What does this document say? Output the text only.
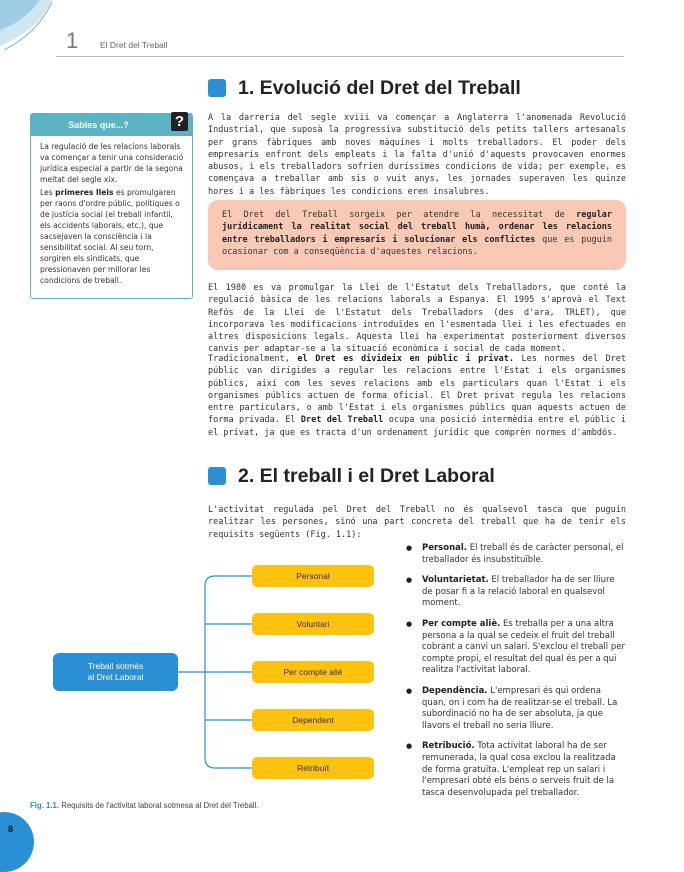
1	El Dret del Treball
1. Evolució del Dret del Treball
A la darreria del segle xviii va començar a Anglaterra l'anomenada Revolució Industrial, que suposà la progressiva substitució dels petits tallers artesanals per grans fàbriques amb noves màquines i molts treballadors. El poder dels empresaris enfront dels empleats i la falta d'unió d'aquests provocaven enormes abusos, i els treballadors sofrien duríssimes condicions de vida; per exemple, es començava a treballar amb sis o vuit anys, les jornades superaven les quinze hores i a les fàbriques les condicions eren insalubres.
Sabies que...?	?

La regulació de les relacions laborals va començar a tenir una consideració jurídica especial a partir de la segona meitat del segle xix.

Les primeres lleis es promulgaren per raons d'ordre públic, polítiques o de justícia social (el treball infantil, els accidents laborals, etc.), que sacsejaven la consciència i la sensibilitat social. Al seu torn, sorgiren els sindicats, que pressionaven per millorar les condicions de treball.

El Dret del Treball sorgeix per atendre la necessitat de regular jurídicament la realitat social del treball humà, ordenar les relacions entre treballadors i empresaris i solucionar els conflictes que es puguin ocasionar com a conseqüència d'aquestes relacions.
El 1980 es va promulgar la Llei de l'Estatut dels Treballadors, que conté la regulació bàsica de les relacions laborals a Espanya. El 1995 s'aprovà el Text Refós de la Llei de l'Estatut dels Treballadors (des d'ara, TRLET), que incorporava les modificacions introduïdes en l'esmentada llei i les efectuades en altres disposicions legals. Aquesta llei ha experimentat posteriorment diversos canvis per adaptar-se a la situació econòmica i social de cada moment.
Tradicionalment, el Dret es divideix en públic i privat. Les normes del Dret públic van dirigides a regular les relacions entre l'Estat i els organismes públics, així com les seves relacions amb els particulars quan l'Estat i els organismes públics actuen de forma oficial. El Dret privat regula les relacions entre particulars, o amb l'Estat i els organismes públics quan aquests actuen de forma privada. El Dret del Treball ocupa una posició intermèdia entre el públic i el privat, ja que es tracta d'un ordenament jurídic que comprèn normes d'ambdós.
2. El treball i el Dret Laboral
L'activitat regulada pel Dret del Treball no és qualsevol tasca que puguin realitzar les persones, sinó una part concreta del treball que ha de tenir els requisits següents (Fig. 1.1):
Treball sotmès
al Dret Laboral
Personal
Voluntari
Per compte aliè
Dependent
Retribuït
Fig. 1.1. Requisits de l'activitat laboral sotmesa al Dret del Treball.
● Personal. El treball és de caràcter personal, el treballador és insubstituïble.
● Voluntarietat. El treballador ha de ser lliure de posar fi a la relació laboral en qualsevol moment.
● Per compte aliè. Es treballa per a una altra persona a la qual se cedeix el fruit del treball cobrant a canvi un salari. S'exclou el treball per compte propi, el resultat del qual és per a qui realitza l'activitat laboral.
● Dependència. L'empresari és qui ordena quan, on i com ha de realitzar-se el treball. La subordinació no ha de ser absoluta, ja que llavors el treball no seria lliure.
● Retribució. Tota activitat laboral ha de ser remunerada, la qual cosa exclou la realitzada de forma gratuïta. L'empleat rep un salari i l'empresari obté els béns o serveis fruit de la tasca desenvolupada pel treballador.
8
